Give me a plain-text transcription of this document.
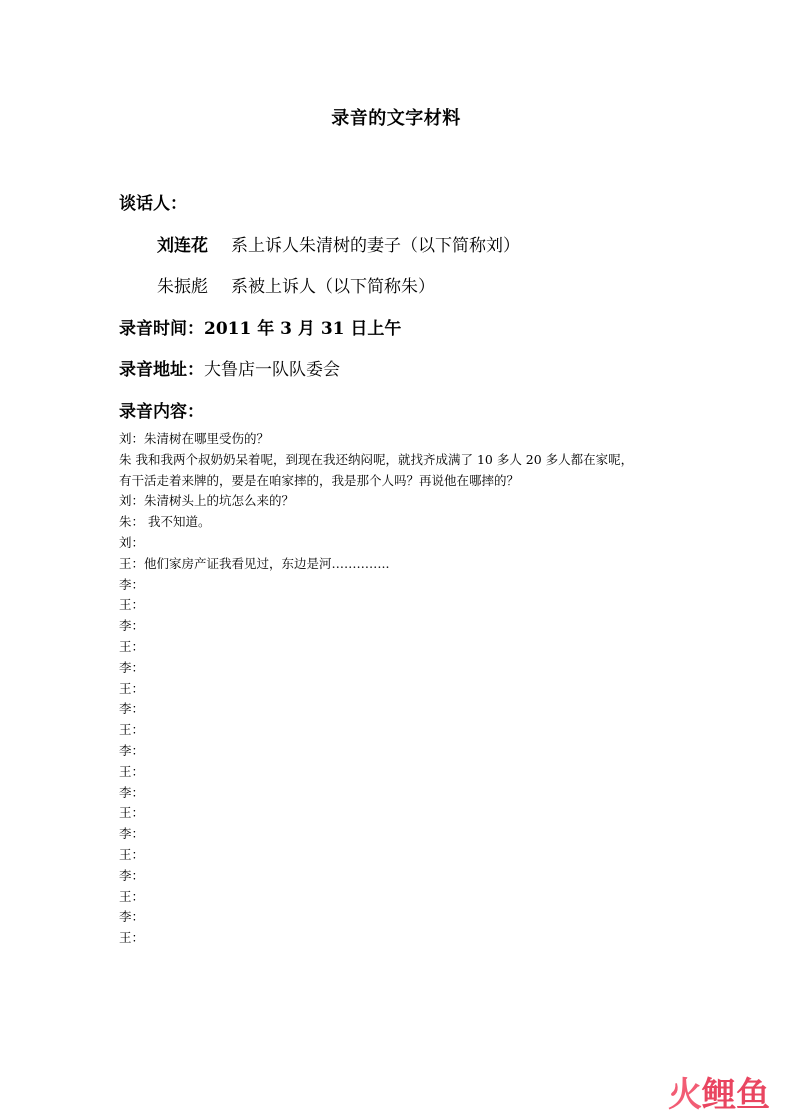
录音的文字材料
谈话人：
刘连花 系上诉人朱清树的妻子（以下简称刘）
朱振彪 系被上诉人（以下简称朱）
录音时间：2011 年 3 月 31 日上午
录音地址：大鲁店一队队委会
录音内容：
刘：朱清树在哪里受伤的？
朱 我和我两个叔奶奶呆着呢，到现在我还纳闷呢，就找齐成满了 10 多人 20 多人都在家呢，
有干活走着来牌的，要是在咱家摔的，我是那个人吗？再说他在哪摔的？
刘：朱清树头上的坑怎么来的？
朱： 我不知道。
刘：
王：他们家房产证我看见过，东边是河…………..
李：
王：
李：
王：
李：
王：
李：
王：
李：
王：
李：
王：
李：
王：
李：
王：
李：
王：
火鲤鱼
